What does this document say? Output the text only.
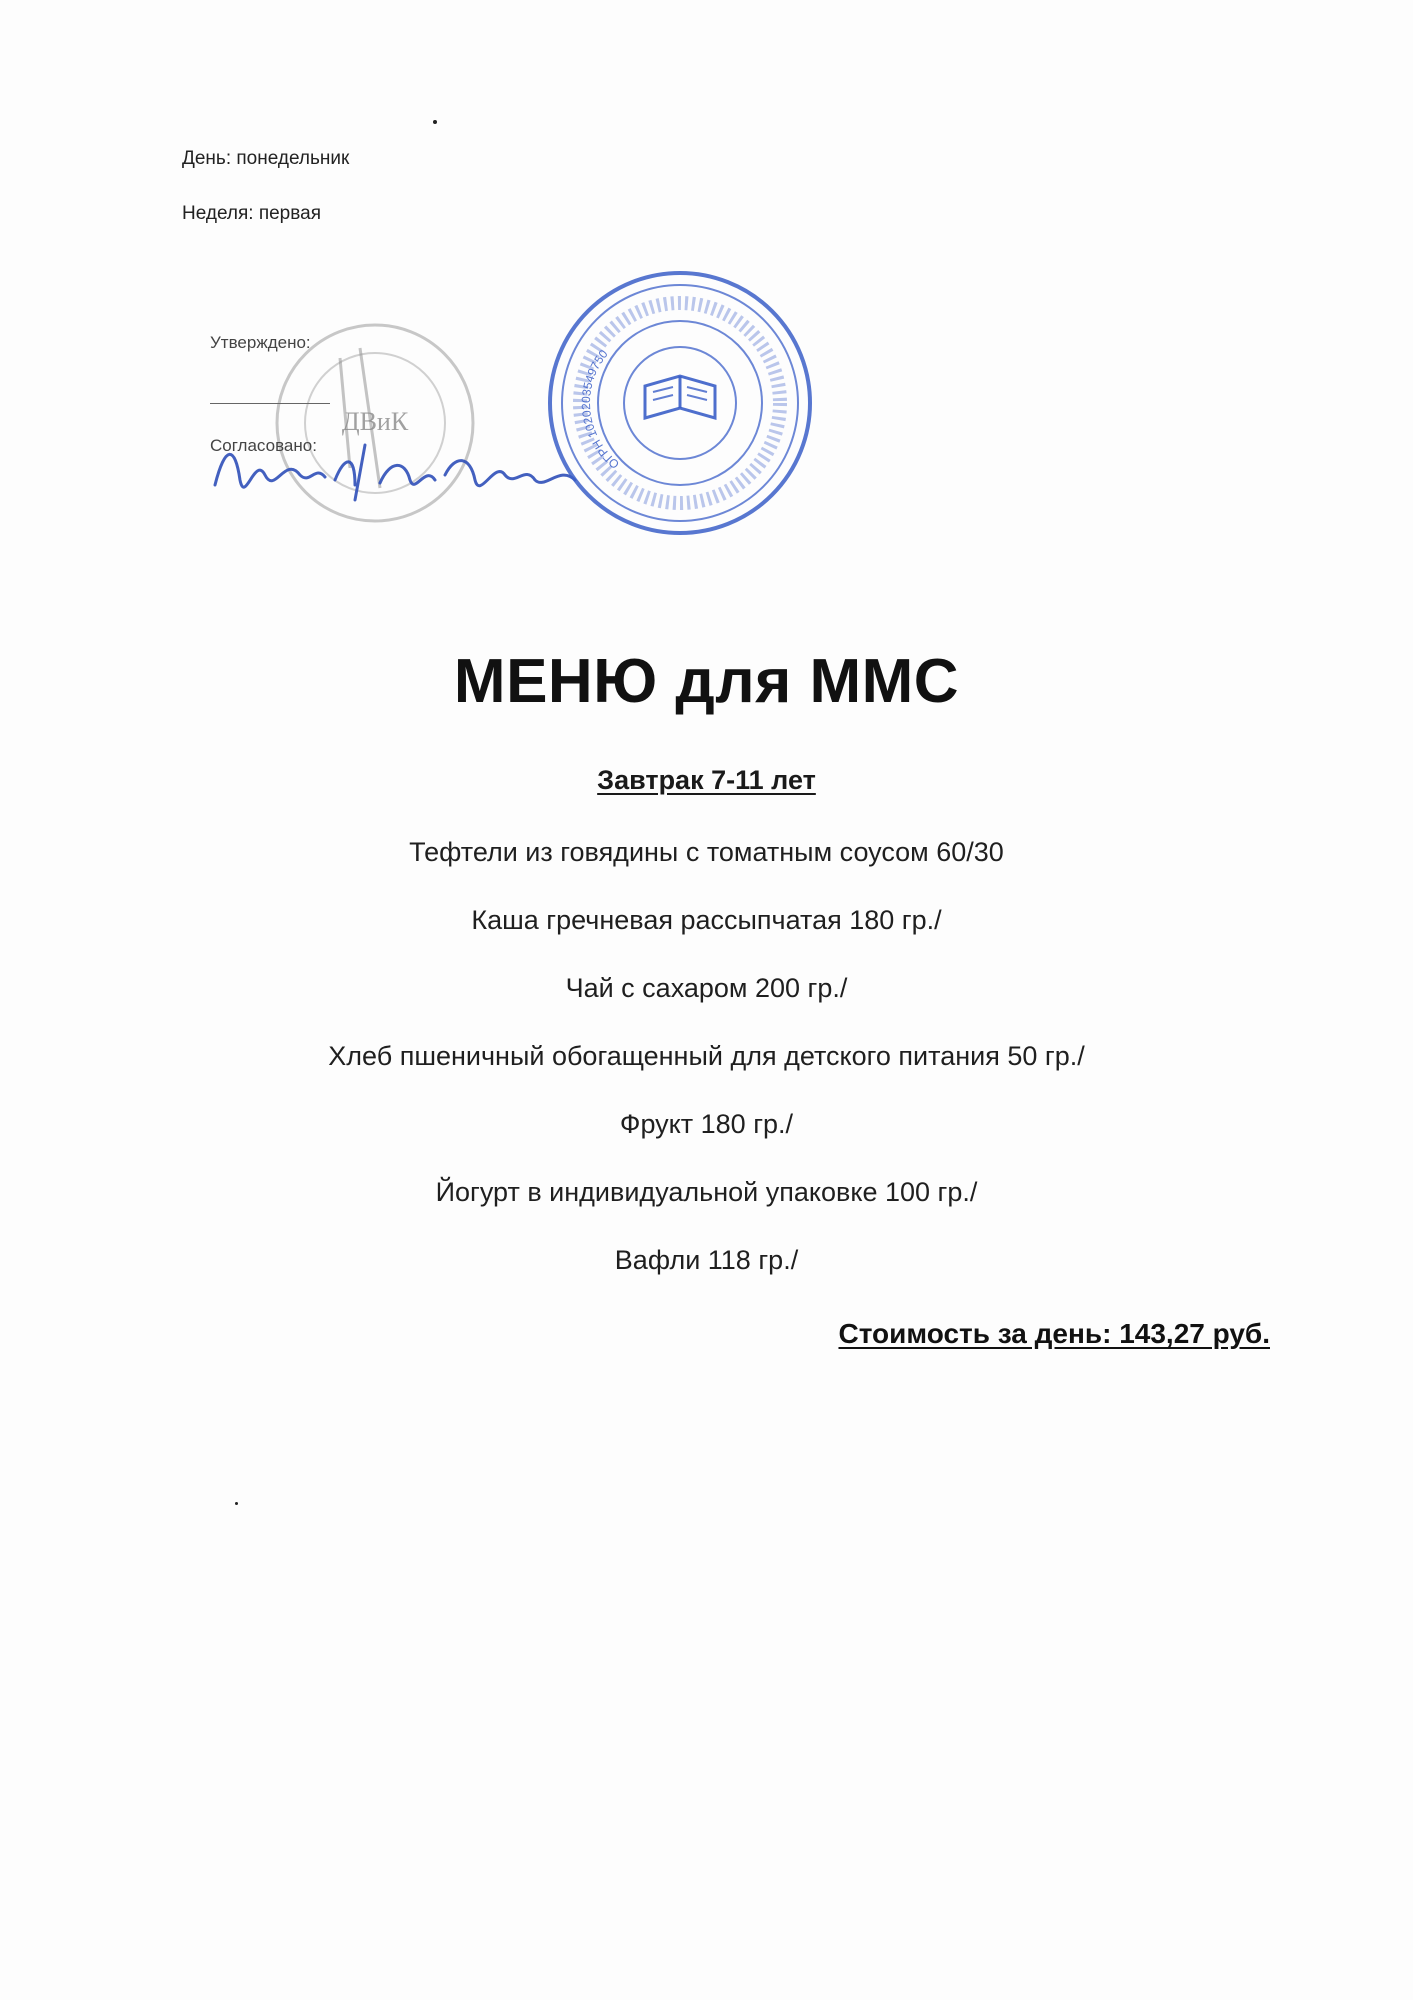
День: понедельник
Неделя: первая
ДВиК
Утверждено:
Согласовано:
ОГРН 1020203549750
МЕНЮ для ММС
Завтрак 7-11 лет
Тефтели из говядины с томатным соусом 60/30
Каша гречневая рассыпчатая 180 гр./
Чай с сахаром 200 гр./
Хлеб пшеничный обогащенный для детского питания 50 гр./
Фрукт 180 гр./
Йогурт в индивидуальной упаковке 100 гр./
Вафли 118 гр./
Стоимость за день: 143,27 руб.
